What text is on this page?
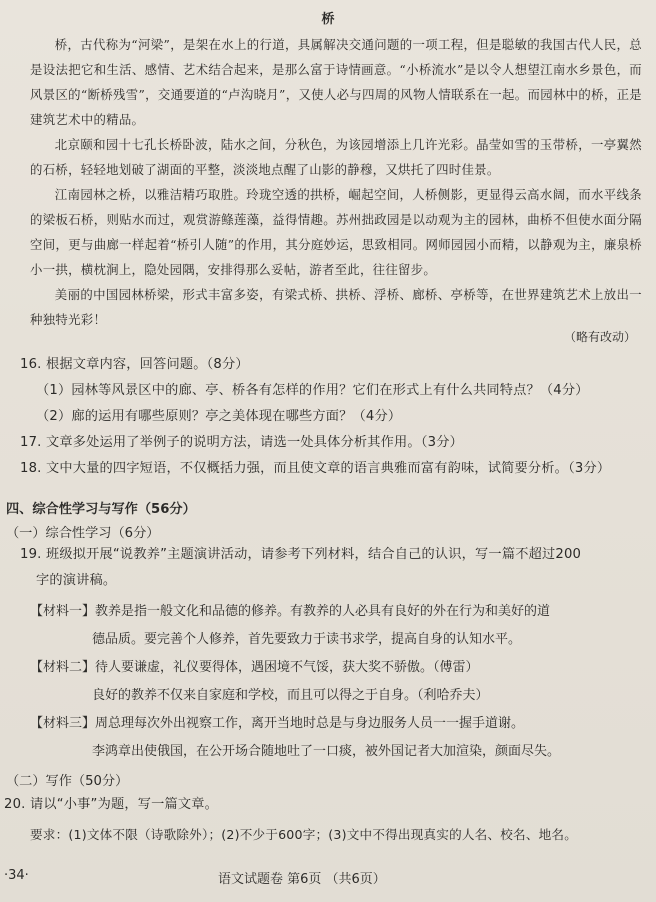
桥
桥，古代称为“河梁”，是架在水上的行道，具属解决交通问题的一项工程，但是聪敏的我国古代人民，总是设法把它和生活、感情、艺术结合起来，是那么富于诗情画意。“小桥流水”是以令人想望江南水乡景色，而风景区的“断桥残雪”，交通要道的“卢沟晓月”，又使人必与四周的风物人情联系在一起。而园林中的桥，正是建筑艺术中的精品。
北京颐和园十七孔长桥卧波，陆水之间，分秋色，为该园增添上几许光彩。晶莹如雪的玉带桥，一亭翼然的石桥，轻轻地划破了湖面的平整，淡淡地点醒了山影的静穆，又烘托了四时佳景。
江南园林之桥，以雅洁精巧取胜。玲珑空透的拱桥，崛起空间，人桥侧影，更显得云高水阔，而水平线条的梁板石桥，则贴水而过，观赏游鲦莲藻，益得情趣。苏州拙政园是以动观为主的园林，曲桥不但使水面分隔空间，更与曲廊一样起着“桥引人随”的作用，其分庭妙运，思致相同。网师园园小而精，以静观为主，廉泉桥小一拱，横枕涧上，隐处园隅，安排得那么妥帖，游者至此，往往留步。
美丽的中国园林桥梁，形式丰富多姿，有梁式桥、拱桥、浮桥、廊桥、亭桥等，在世界建筑艺术上放出一种独特光彩！
（略有改动）
16. 根据文章内容，回答问题。（8分）
（1）园林等风景区中的廊、亭、桥各有怎样的作用？它们在形式上有什么共同特点？（4分）
（2）廊的运用有哪些原则？亭之美体现在哪些方面？（4分）
17. 文章多处运用了举例子的说明方法，请选一处具体分析其作用。（3分）
18. 文中大量的四字短语，不仅概括力强，而且使文章的语言典雅而富有韵味，试简要分析。（3分）
四、综合性学习与写作（56分）
（一）综合性学习（6分）
19. 班级拟开展“说教养”主题演讲活动，请参考下列材料，结合自己的认识，写一篇不超过200
字的演讲稿。
【材料一】教养是指一般文化和品德的修养。有教养的人必具有良好的外在行为和美好的道
德品质。要完善个人修养，首先要致力于读书求学，提高自身的认知水平。
【材料二】待人要谦虚，礼仪要得体，遇困境不气馁，获大奖不骄傲。（傅雷）
良好的教养不仅来自家庭和学校，而且可以得之于自身。（利哈乔夫）
【材料三】周总理每次外出视察工作，离开当地时总是与身边服务人员一一握手道谢。
李鸿章出使俄国，在公开场合随地吐了一口痰，被外国记者大加渲染，颜面尽失。
（二）写作（50分）
20. 请以“小事”为题，写一篇文章。
要求：(1)文体不限（诗歌除外）；(2)不少于600字；(3)文中不得出现真实的人名、校名、地名。
·34·	语文试题卷 第6页 （共6页）
